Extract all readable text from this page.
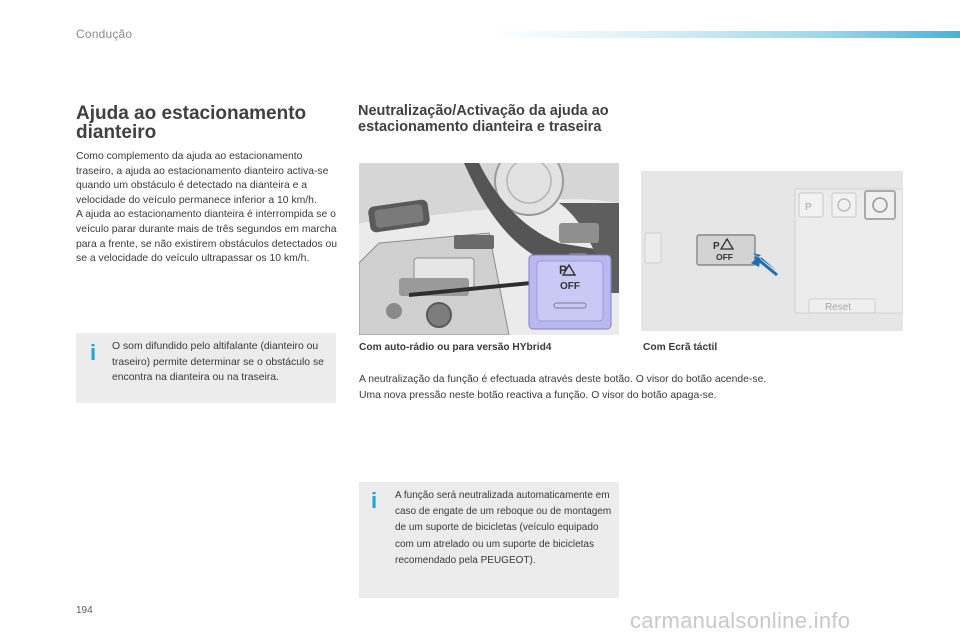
Condução
Ajuda ao estacionamento dianteiro

Como complemento da ajuda ao estacionamento traseiro, a ajuda ao estacionamento dianteiro activa-se quando um obstáculo é detectado na dianteira e a velocidade do veículo permanece inferior a 10 km/h.

A ajuda ao estacionamento dianteira é interrompida se o veículo parar durante mais de três segundos em marcha para a frente, se não existirem obstáculos detectados ou se a velocidade do veículo ultrapassar os 10 km/h.

i O som difundido pelo altifalante (dianteiro ou traseiro) permite determinar se o obstáculo se encontra na dianteira ou na traseira.
Neutralização/Activação da ajuda ao estacionamento dianteira e traseira
P
OFF
P
Reset
P
OFF
Com auto-rádio ou para versão HYbrid4	Com Ecrã táctil
A neutralização da função é efectuada através deste botão. O visor do botão acende-se.
Uma nova pressão neste botão reactiva a função. O visor do botão apaga-se.
i A função será neutralizada automaticamente em caso de engate de um reboque ou de montagem de um suporte de bicicletas (veículo equipado com um atrelado ou um suporte de bicicletas recomendado pela PEUGEOT).
194	carmanualsonline.info
